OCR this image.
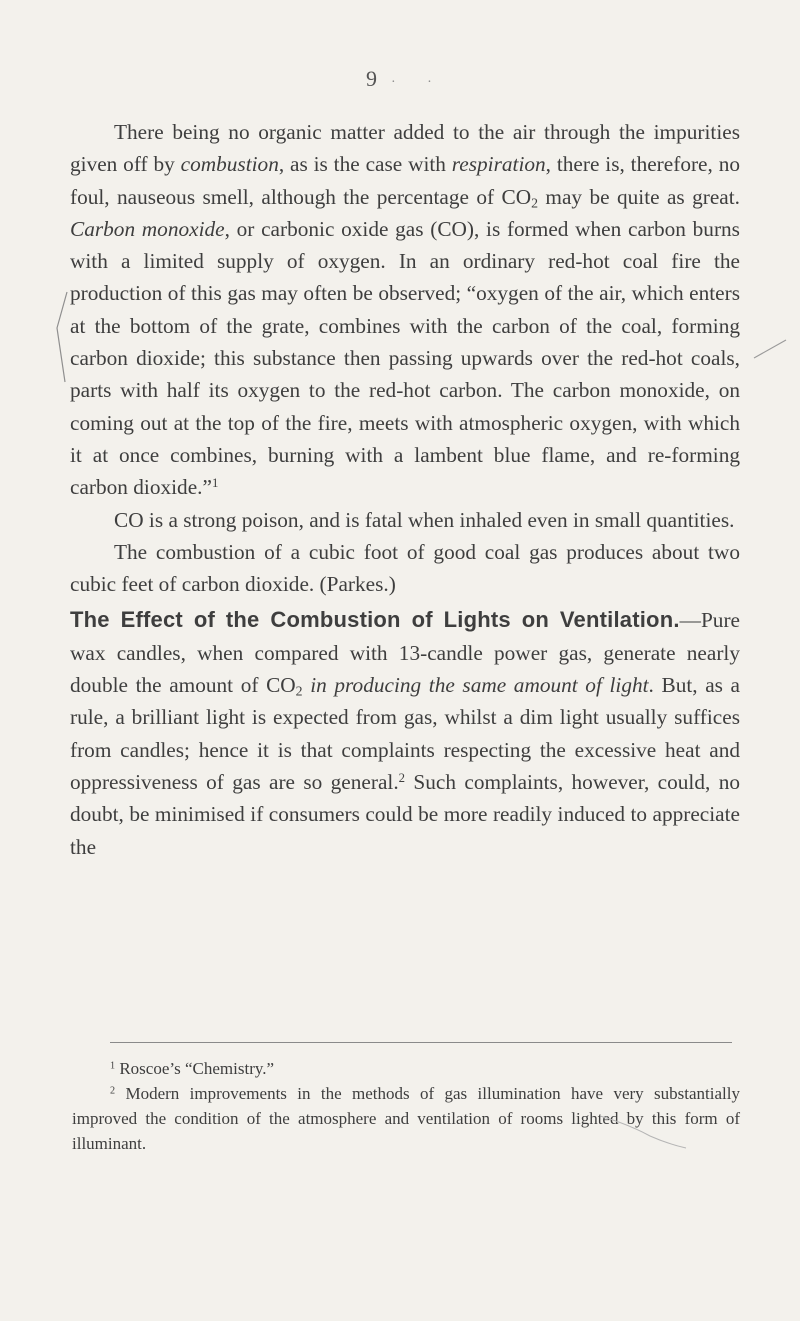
9 · ·

There being no organic matter added to the air through the impurities given off by combustion, as is the case with respiration, there is, therefore, no foul, nauseous smell, although the percentage of $CO_2$ may be quite as great. Carbon monoxide, or carbonic oxide gas (CO), is formed when carbon burns with a limited supply of oxygen. In an ordinary red-hot coal fire the production of this gas may often be observed; “oxygen of the air, which enters at the bottom of the grate, combines with the carbon of the coal, forming carbon dioxide; this substance then passing upwards over the red-hot coals, parts with half its oxygen to the red-hot carbon. The carbon monoxide, on coming out at the top of the fire, meets with atmospheric oxygen, with which it at once combines, burning with a lambent blue flame, and re-forming carbon dioxide.”$^1$

CO is a strong poison, and is fatal when inhaled even in small quantities.

The combustion of a cubic foot of good coal gas produces about two cubic feet of carbon dioxide. (Parkes.)

The Effect of the Combustion of Lights on Ventilation.—Pure wax candles, when compared with 13-candle power gas, generate nearly double the amount of $CO_2$ in producing the same amount of light. But, as a rule, a brilliant light is expected from gas, whilst a dim light usually suffices from candles; hence it is that complaints respecting the excessive heat and oppressiveness of gas are so general.$^2$ Such complaints, however, could, no doubt, be minimised if consumers could be more readily induced to appreciate the

$^1$ Roscoe’s “Chemistry.”

$^2$ Modern improvements in the methods of gas illumination have very substantially improved the condition of the atmosphere and ventilation of rooms lighted by this form of illuminant.
